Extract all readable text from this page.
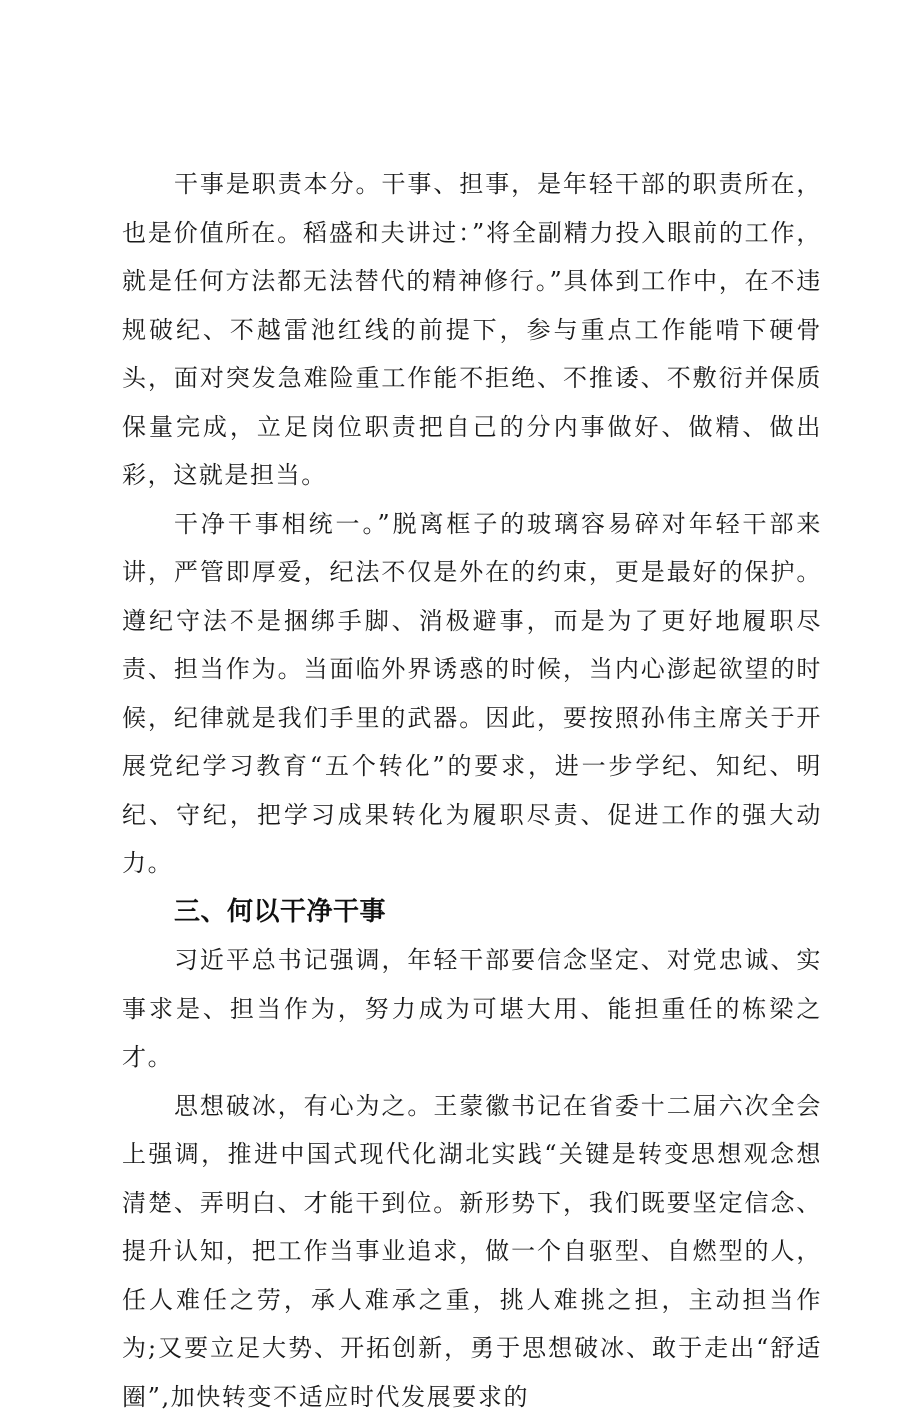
干事是职责本分。干事、担事，是年轻干部的职责所在，也是价值所在。稻盛和夫讲过：”将全副精力投入眼前的工作，就是任何方法都无法替代的精神修行。”具体到工作中，在不违规破纪、不越雷池红线的前提下，参与重点工作能啃下硬骨头，面对突发急难险重工作能不拒绝、不推诿、不敷衍并保质保量完成，立足岗位职责把自己的分内事做好、做精、做出彩，这就是担当。

干净干事相统一。”脱离框子的玻璃容易碎对年轻干部来讲，严管即厚爱，纪法不仅是外在的约束，更是最好的保护。遵纪守法不是捆绑手脚、消极避事，而是为了更好地履职尽责、担当作为。当面临外界诱惑的时候，当内心澎起欲望的时候，纪律就是我们手里的武器。因此，要按照孙伟主席关于开展党纪学习教育“五个转化”的要求，进一步学纪、知纪、明纪、守纪，把学习成果转化为履职尽责、促进工作的强大动力。

三、何以干净干事

习近平总书记强调，年轻干部要信念坚定、对党忠诚、实事求是、担当作为，努力成为可堪大用、能担重任的栋梁之才。

思想破冰，有心为之。王蒙徽书记在省委十二届六次全会上强调，推进中国式现代化湖北实践“关键是转变思想观念想清楚、弄明白、才能干到位。新形势下，我们既要坚定信念、提升认知，把工作当事业追求，做一个自驱型、自燃型的人，任人难任之劳，承人难承之重，挑人难挑之担，主动担当作为;又要立足大势、开拓创新，勇于思想破冰、敢于走出“舒适圈”,加快转变不适应时代发展要求的
